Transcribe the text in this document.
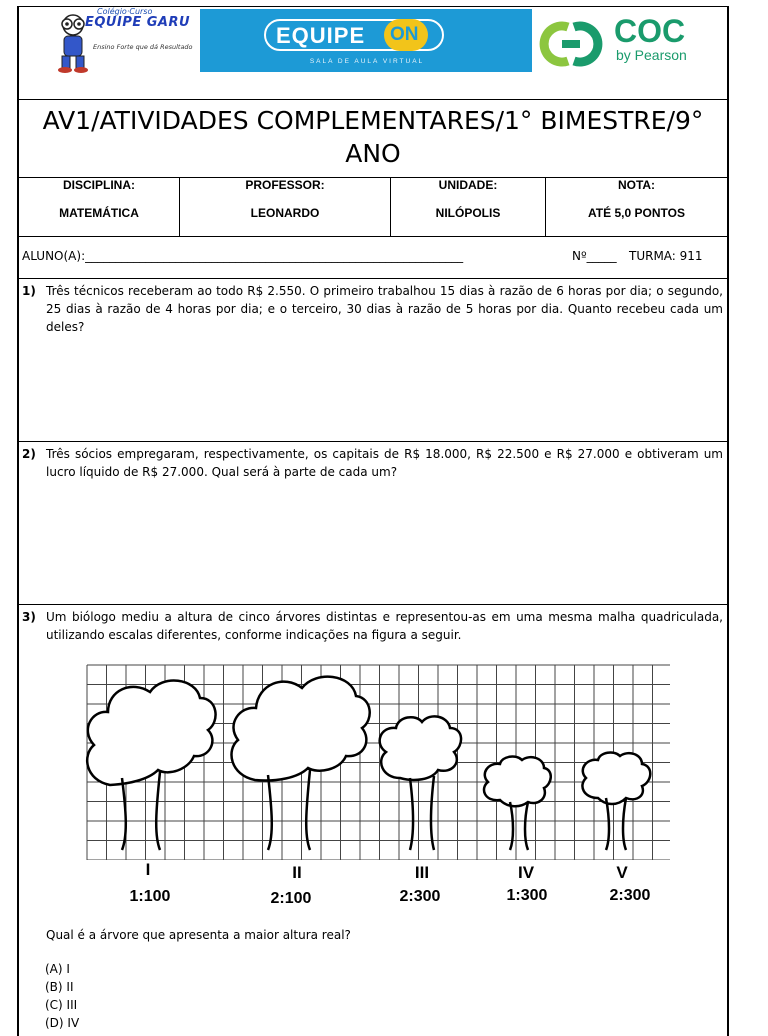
Colégio·Curso
EQUIPE GARU
Ensino Forte que dá Resultado	EQUIPE ON
SALA DE AULA VIRTUAL
COC
by Pearson
AV1/ATIVIDADES COMPLEMENTARES/1° BIMESTRE/9°
ANO
DISCIPLINA:
MATEMÁTICA
PROFESSOR:
LEONARDO
UNIDADE:
NILÓPOLIS
NOTA:
ATÉ 5,0 PONTOS
ALUNO(A):_______________________________________________________________	Nº_____ TURMA: 911
1) Três técnicos receberam ao todo R$ 2.550. O primeiro trabalhou 15 dias à razão de 6 horas por dia; o segundo, 25 dias à razão de 4 horas por dia; e o terceiro, 30 dias à razão de 5 horas por dia. Quanto recebeu cada um deles?
2) Três sócios empregaram, respectivamente, os capitais de R$ 18.000, R$ 22.500 e R$ 27.000 e obtiveram um lucro líquido de R$ 27.000. Qual será à parte de cada um?
3) Um biólogo mediu a altura de cinco árvores distintas e representou-as em uma mesma malha quadriculada, utilizando escalas diferentes, conforme indicações na figura a seguir.
I
1:100
II
2:100
III
2:300
IV
1:300
V
2:300
Qual é a árvore que apresenta a maior altura real?
(A) I
(B) II
(C) III
(D) IV
